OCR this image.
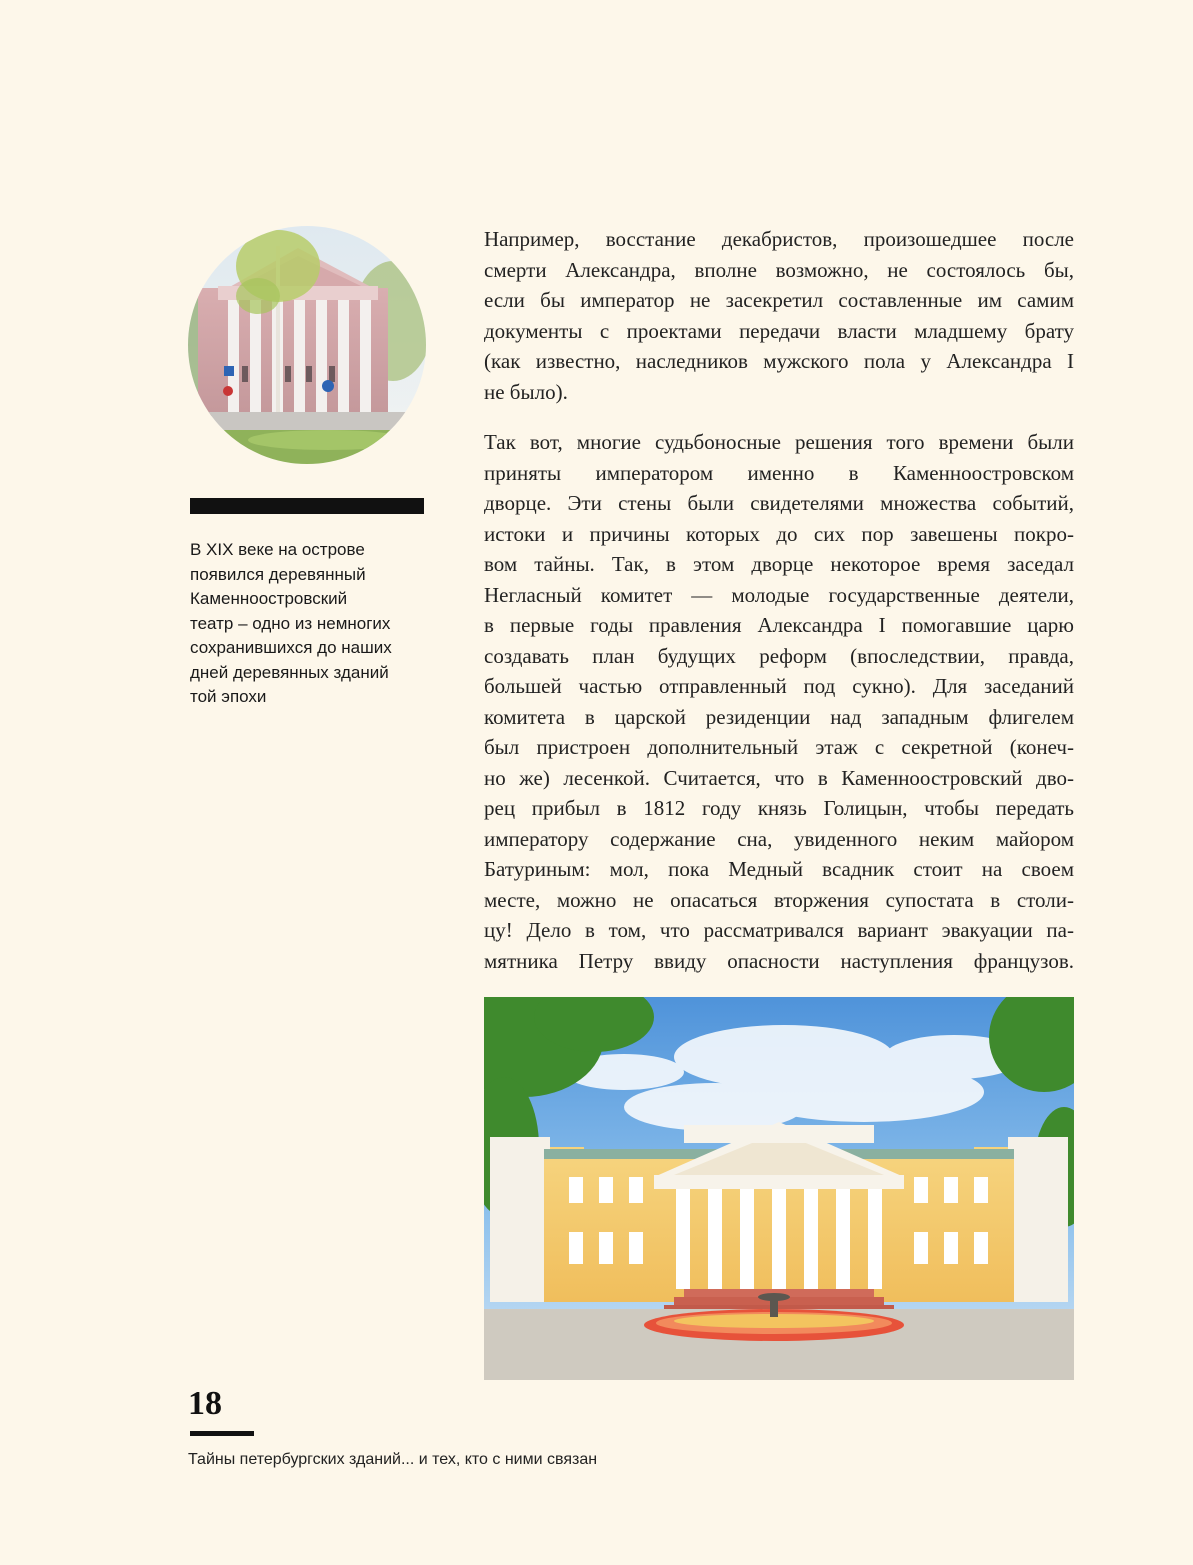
В XIX веке на острове
появился деревянный
Каменноостровский
театр – одно из немногих
сохранившихся до наших
дней деревянных зданий
той эпохи
Например, восстание декабристов, произошедшее после
смерти Александра, вполне возможно, не состоялось бы,
если бы император не засекретил составленные им самим
документы с проектами передачи власти младшему брату
(как известно, наследников мужского пола у Александра I
не было).
Так вот, многие судьбоносные решения того времени были
приняты императором именно в Каменноостровском
дворце. Эти стены были свидетелями множества событий,
истоки и причины которых до сих пор завешены покро-
вом тайны. Так, в этом дворце некоторое время заседал
Негласный комитет — молодые государственные деятели,
в первые годы правления Александра I помогавшие царю
создавать план будущих реформ (впоследствии, правда,
большей частью отправленный под сукно). Для заседаний
комитета в царской резиденции над западным флигелем
был пристроен дополнительный этаж с секретной (конеч-
но же) лесенкой. Считается, что в Каменноостровский дво-
рец прибыл в 1812 году князь Голицын, чтобы передать
императору содержание сна, увиденного неким майором
Батуриным: мол, пока Медный всадник стоит на своем
месте, можно не опасаться вторжения супостата в столи-
цу! Дело в том, что рассматривался вариант эвакуации па-
мятника Петру ввиду опасности наступления французов.
18
Тайны петербургских зданий... и тех, кто с ними связан
